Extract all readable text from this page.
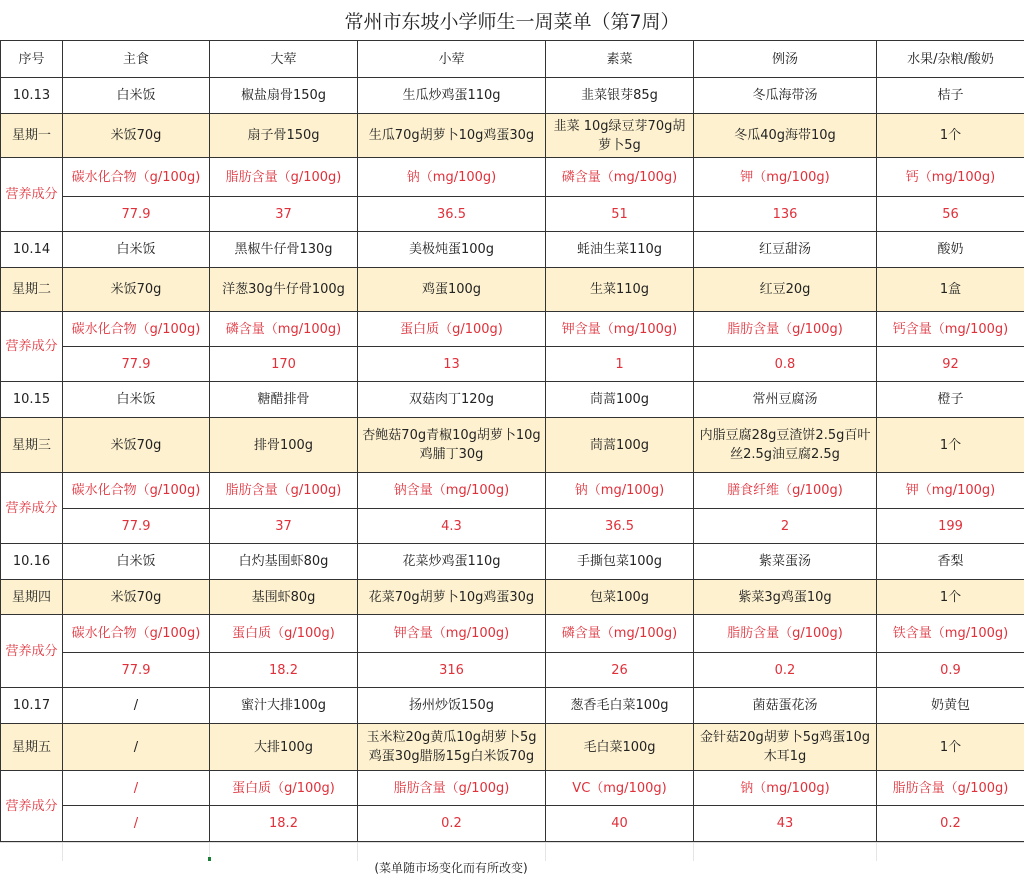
常州市东坡小学师生一周菜单（第7周）
序号	主食	大荤	小荤	素菜	例汤	水果/杂粮/酸奶
10.13	白米饭	椒盐扇骨150g	生瓜炒鸡蛋110g	韭菜银芽85g	冬瓜海带汤	桔子
星期一	米饭70g	扇子骨150g	生瓜70g胡萝卜10g鸡蛋30g	韭菜 10g绿豆芽70g胡萝卜5g	冬瓜40g海带10g	1个
营养成分	碳水化合物（g/100g)	脂肪含量（g/100g)	钠（mg/100g)	磷含量（mg/100g)	钾（mg/100g)	钙（mg/100g)
	77.9	37	36.5	51	136	56
10.14	白米饭	黑椒牛仔骨130g	美极炖蛋100g	蚝油生菜110g	红豆甜汤	酸奶
星期二	米饭70g	洋葱30g牛仔骨100g	鸡蛋100g	生菜110g	红豆20g	1盒
营养成分	碳水化合物（g/100g)	磷含量（mg/100g)	蛋白质（g/100g)	钾含量（mg/100g)	脂肪含量（g/100g)	钙含量（mg/100g)
	77.9	170	13	1	0.8	92
10.15	白米饭	糖醋排骨	双菇肉丁120g	茼蒿100g	常州豆腐汤	橙子
星期三	米饭70g	排骨100g	杏鲍菇70g青椒10g胡萝卜10g鸡脯丁30g	茼蒿100g	内脂豆腐28g豆渣饼2.5g百叶丝2.5g油豆腐2.5g	1个
营养成分	碳水化合物（g/100g)	脂肪含量（g/100g)	钠含量（mg/100g)	钠（mg/100g)	膳食纤维（g/100g)	钾（mg/100g)
	77.9	37	4.3	36.5	2	199
10.16	白米饭	白灼基围虾80g	花菜炒鸡蛋110g	手撕包菜100g	紫菜蛋汤	香梨
星期四	米饭70g	基围虾80g	花菜70g胡萝卜10g鸡蛋30g	包菜100g	紫菜3g鸡蛋10g	1个
营养成分	碳水化合物（g/100g)	蛋白质（g/100g)	钾含量（mg/100g)	磷含量（mg/100g)	脂肪含量（g/100g)	铁含量（mg/100g)
	77.9	18.2	316	26	0.2	0.9
10.17	/	蜜汁大排100g	扬州炒饭150g	葱香毛白菜100g	菌菇蛋花汤	奶黄包
星期五	/	大排100g	玉米粒20g黄瓜10g胡萝卜5g鸡蛋30g腊肠15g白米饭70g	毛白菜100g	金针菇20g胡萝卜5g鸡蛋10g木耳1g	1个
营养成分	/	蛋白质（g/100g)	脂肪含量（g/100g)	VC（mg/100g)	钠（mg/100g)	脂肪含量（g/100g)
	/	18.2	0.2	40	43	0.2
(菜单随市场变化而有所改变)
